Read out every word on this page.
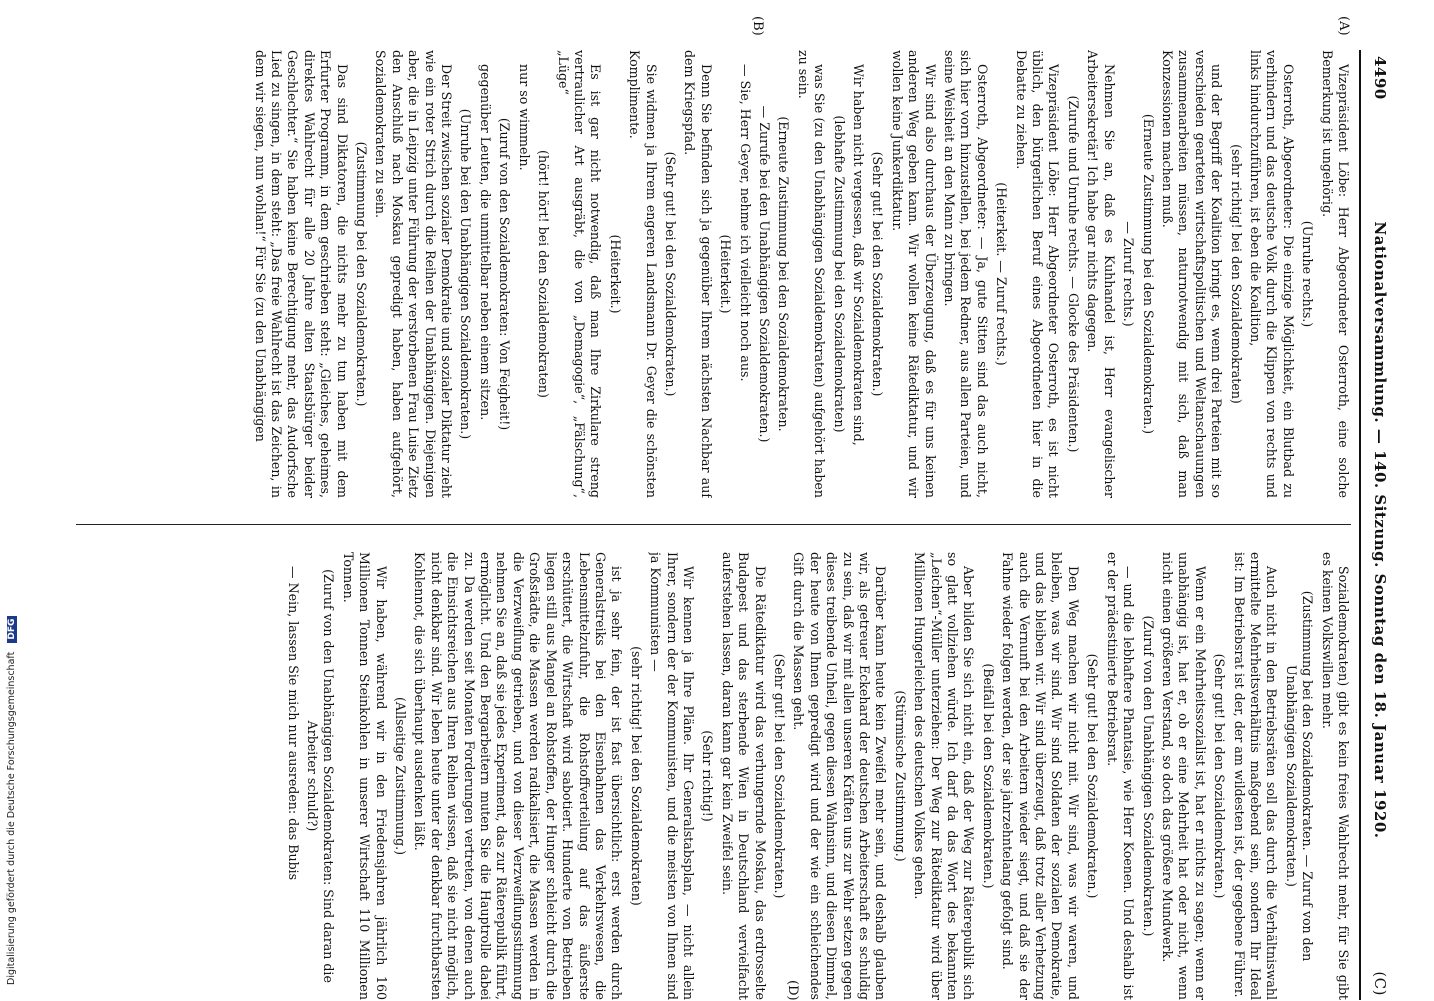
4490
Nationalversammlung. — 140. Sitzung. Sonntag den 18. Januar 1920.
(C)
(A)
(B)
(D)

Vizepräsident Löbe: Herr Abgeordneter Osterroth, eine solche Bemerkung ist ungehörig.

(Unruhe rechts.)

Osterroth, Abgeordneter: Die einzige Möglichkeit, ein Blutbad zu verhindern und das deutsche Volk durch die Klippen von rechts und links hindurchzuführen, ist eben die Koalition,

(sehr richtig! bei den Sozialdemokraten)

und der Begriff der Koalition bringt es, wenn drei Parteien mit so verschieden gearteten wirtschaftspolitischen und Weltanschauungen zusammenarbeiten müssen, naturnotwendig mit sich, daß man Konzessionen machen muß.

(Erneute Zustimmung bei den Sozialdemokraten.)

— Zuruf rechts.)

Nehmen Sie an, daß es Kuhhandel ist, Herr evangelischer Arbeitersekretär! Ich habe gar nichts dagegen.

(Zurufe und Unruhe rechts. — Glocke des Präsidenten.)

Vizepräsident Löbe: Herr Abgeordneter Osterroth, es ist nicht üblich, den bürgerlichen Beruf eines Abgeordneten hier in die Debatte zu ziehen.

(Heiterkeit. — Zuruf rechts.)

Osterroth, Abgeordneter: — Ja, gute Sitten sind das auch nicht, sich hier vorn hinzustellen, bei jedem Redner, aus allen Parteien, und seine Weisheit an den Mann zu bringen.

Wir sind also durchaus der Überzeugung, daß es für uns keinen anderen Weg geben kann. Wir wollen keine Rätediktatur, und wir wollen keine Junkerdiktatur.

(Sehr gut! bei den Sozialdemokraten.)

Wir haben nicht vergessen, daß wir Sozialdemokraten sind,

(lebhafte Zustimmung bei den Sozialdemokraten)

was Sie (zu den Unabhängigen Sozialdemokraten) aufgehört haben zu sein.

(Erneute Zustimmung bei den Sozialdemokraten.

— Zurufe bei den Unabhängigen Sozialdemokraten.)

— Sie, Herr Geyer, nehme ich vielleicht noch aus.

(Heiterkeit.)

Denn Sie befinden sich ja gegenüber Ihrem nächsten Nachbar auf dem Kriegspfad.

(Sehr gut! bei den Sozialdemokraten.)

Sie widmen ja Ihrem engeren Landsmann Dr. Geyer die schönsten Komplimente.

(Heiterkeit.)

Es ist gar nicht notwendig, daß man Ihre Zirkulare streng vertraulicher Art ausgräbt, die von „Demagogie“, „Fälschung“, „Lüge“

(hört! hört! bei den Sozialdemokraten)

nur so wimmeln.

(Zuruf von den Sozialdemokraten: Von Feigheit!)

gegenüber Leuten, die unmittelbar neben einem sitzen.

(Unruhe bei den Unabhängigen Sozialdemokraten.)

Der Streit zwischen sozialer Demokratie und sozialer Diktatur zieht wie ein roter Strich durch die Reihen der Unabhängigen. Diejenigen aber, die in Leipzig unter Führung der verstorbenen Frau Luise Zietz den Anschluß nach Moskau gepredigt haben, haben aufgehört, Sozialdemokraten zu sein.

(Zustimmung bei den Sozialdemokraten.)

Das sind Diktatoren, die nichts mehr zu tun haben mit dem Erfurter Programm, in dem geschrieben steht: „Gleiches, geheimes, direktes Wahlrecht für alle 20 Jahre alten Staatsbürger beider Geschlechter.“ Sie haben keine Berechtigung mehr, das Audorfsche Lied zu singen, in dem steht: „Das freie Wahlrecht ist das Zeichen, in dem wir siegen, nun wohlan!“ Für Sie (zu den Unabhängigen

Sozialdemokraten) gibt es kein freies Wahlrecht mehr, für Sie gibt es keinen Volkswillen mehr.

(Zustimmung bei den Sozialdemokraten. — Zuruf von den Unabhängigen Sozialdemokraten.)

Auch nicht in den Betriebsräten soll das durch die Verhältniswahl ermittelte Mehrheitsverhältnis maßgebend sein, sondern Ihr Ideal ist: Im Betriebsrat ist der, der am wildesten ist, der gegebene Führer.

(Sehr gut! bei den Sozialdemokraten.)

Wenn er ein Mehrheitssozialist ist, hat er nichts zu sagen; wenn er unabhängig ist, hat er, ob er eine Mehrheit hat oder nicht, wenn nicht einen größeren Verstand, so doch das größere Mundwerk.

(Zuruf von den Unabhängigen Sozialdemokraten.)

— und die lebhaftere Phantasie, wie Herr Koenen. Und deshalb ist er der prädestinierte Betriebsrat.

(Sehr gut! bei den Sozialdemokraten.)

Den Weg machen wir nicht mit. Wir sind, was wir waren, und bleiben, was wir sind. Wir sind Soldaten der sozialen Demokratie, und das bleiben wir. Wir sind überzeugt, daß trotz aller Verhetzung auch die Vernunft bei den Arbeitern wieder siegt, und daß sie der Fahne wieder folgen werden, der sie jahrzehntelang gefolgt sind.

(Beifall bei den Sozialdemokraten.)

Aber bilden Sie sich nicht ein, daß der Weg zur Räterepublik sich so glatt vollziehen würde. Ich darf da das Wort des bekannten „Leichen“-Müller unterziehen: Der Weg zur Rätediktatur wird über Millionen Hungerleichen des deutschen Volkes gehen.

(Stürmische Zustimmung.)

Darüber kann heute kein Zweifel mehr sein, und deshalb glauben wir, als getreuer Eckehard der deutschen Arbeiterschaft es schuldig zu sein, daß wir mit allen unseren Kräften uns zur Wehr setzen gegen dieses treibende Unheil, gegen diesen Wahnsinn, und diesen Dimmel, der heute von Ihnen gepredigt wird und der wie ein schleichendes Gift durch die Massen geht.

(Sehr gut! bei den Sozialdemokraten.)

Die Rätediktatur wird das verhungernde Moskau, das erdrosselte Budapest und das sterbende Wien in Deutschland vervielfacht auferstehen lassen, daran kann gar kein Zweifel sein.

(Sehr richtig!)

Wir kennen ja Ihre Pläne. Ihr Generalstabsplan, — nicht allein Ihrer, sondern der der Kommunisten, und die meisten von Ihnen sind ja Kommunisten —

(sehr richtig! bei den Sozialdemokraten)

ist ja sehr fein, der ist fast übersichtlich: erst werden durch Generalstreiks bei den Eisenbahnen das Verkehrswesen, die Lebensmittelzufuhr, die Rohstoffverteilung auf das äußerste erschüttert, die Wirtschaft wird sabotiert. Hunderte von Betrieben liegen still aus Mangel an Rohstoffen, der Hunger schleicht durch die Großstädte, die Massen werden radikalisiert, die Massen werden in die Verzweiflung getrieben, und von dieser Verzweiflungsstimmung nehmen Sie an, daß sie jedes Experiment, das zur Räterepublik führt, ermöglicht. Und den Bergarbeitern muten Sie die Hauptrolle dabei zu. Da werden seit Monaten Forderungen vertreten, von denen auch die Einsichtsreichen aus Ihren Reihen wissen, daß sie nicht möglich, nicht denkbar sind. Wir leben heute unter der denkbar furchtbarsten Kohlennot, die sich überhaupt ausdenken läßt.

(Allseitige Zustimmung.)

Wir haben, während wir in den Friedensjahren jährlich 160 Millionen Tonnen Steinkohlen in unserer Wirtschaft 110 Millionen Tonnen.

(Zuruf von den Unabhängigen Sozialdemokraten: Sind daran die Arbeiter schuld?)

— Nein, lassen Sie mich nur ausreden: das Bubis

Digitalisierung gefördert durch die Deutsche Forschungsgemeinschaft DFG
